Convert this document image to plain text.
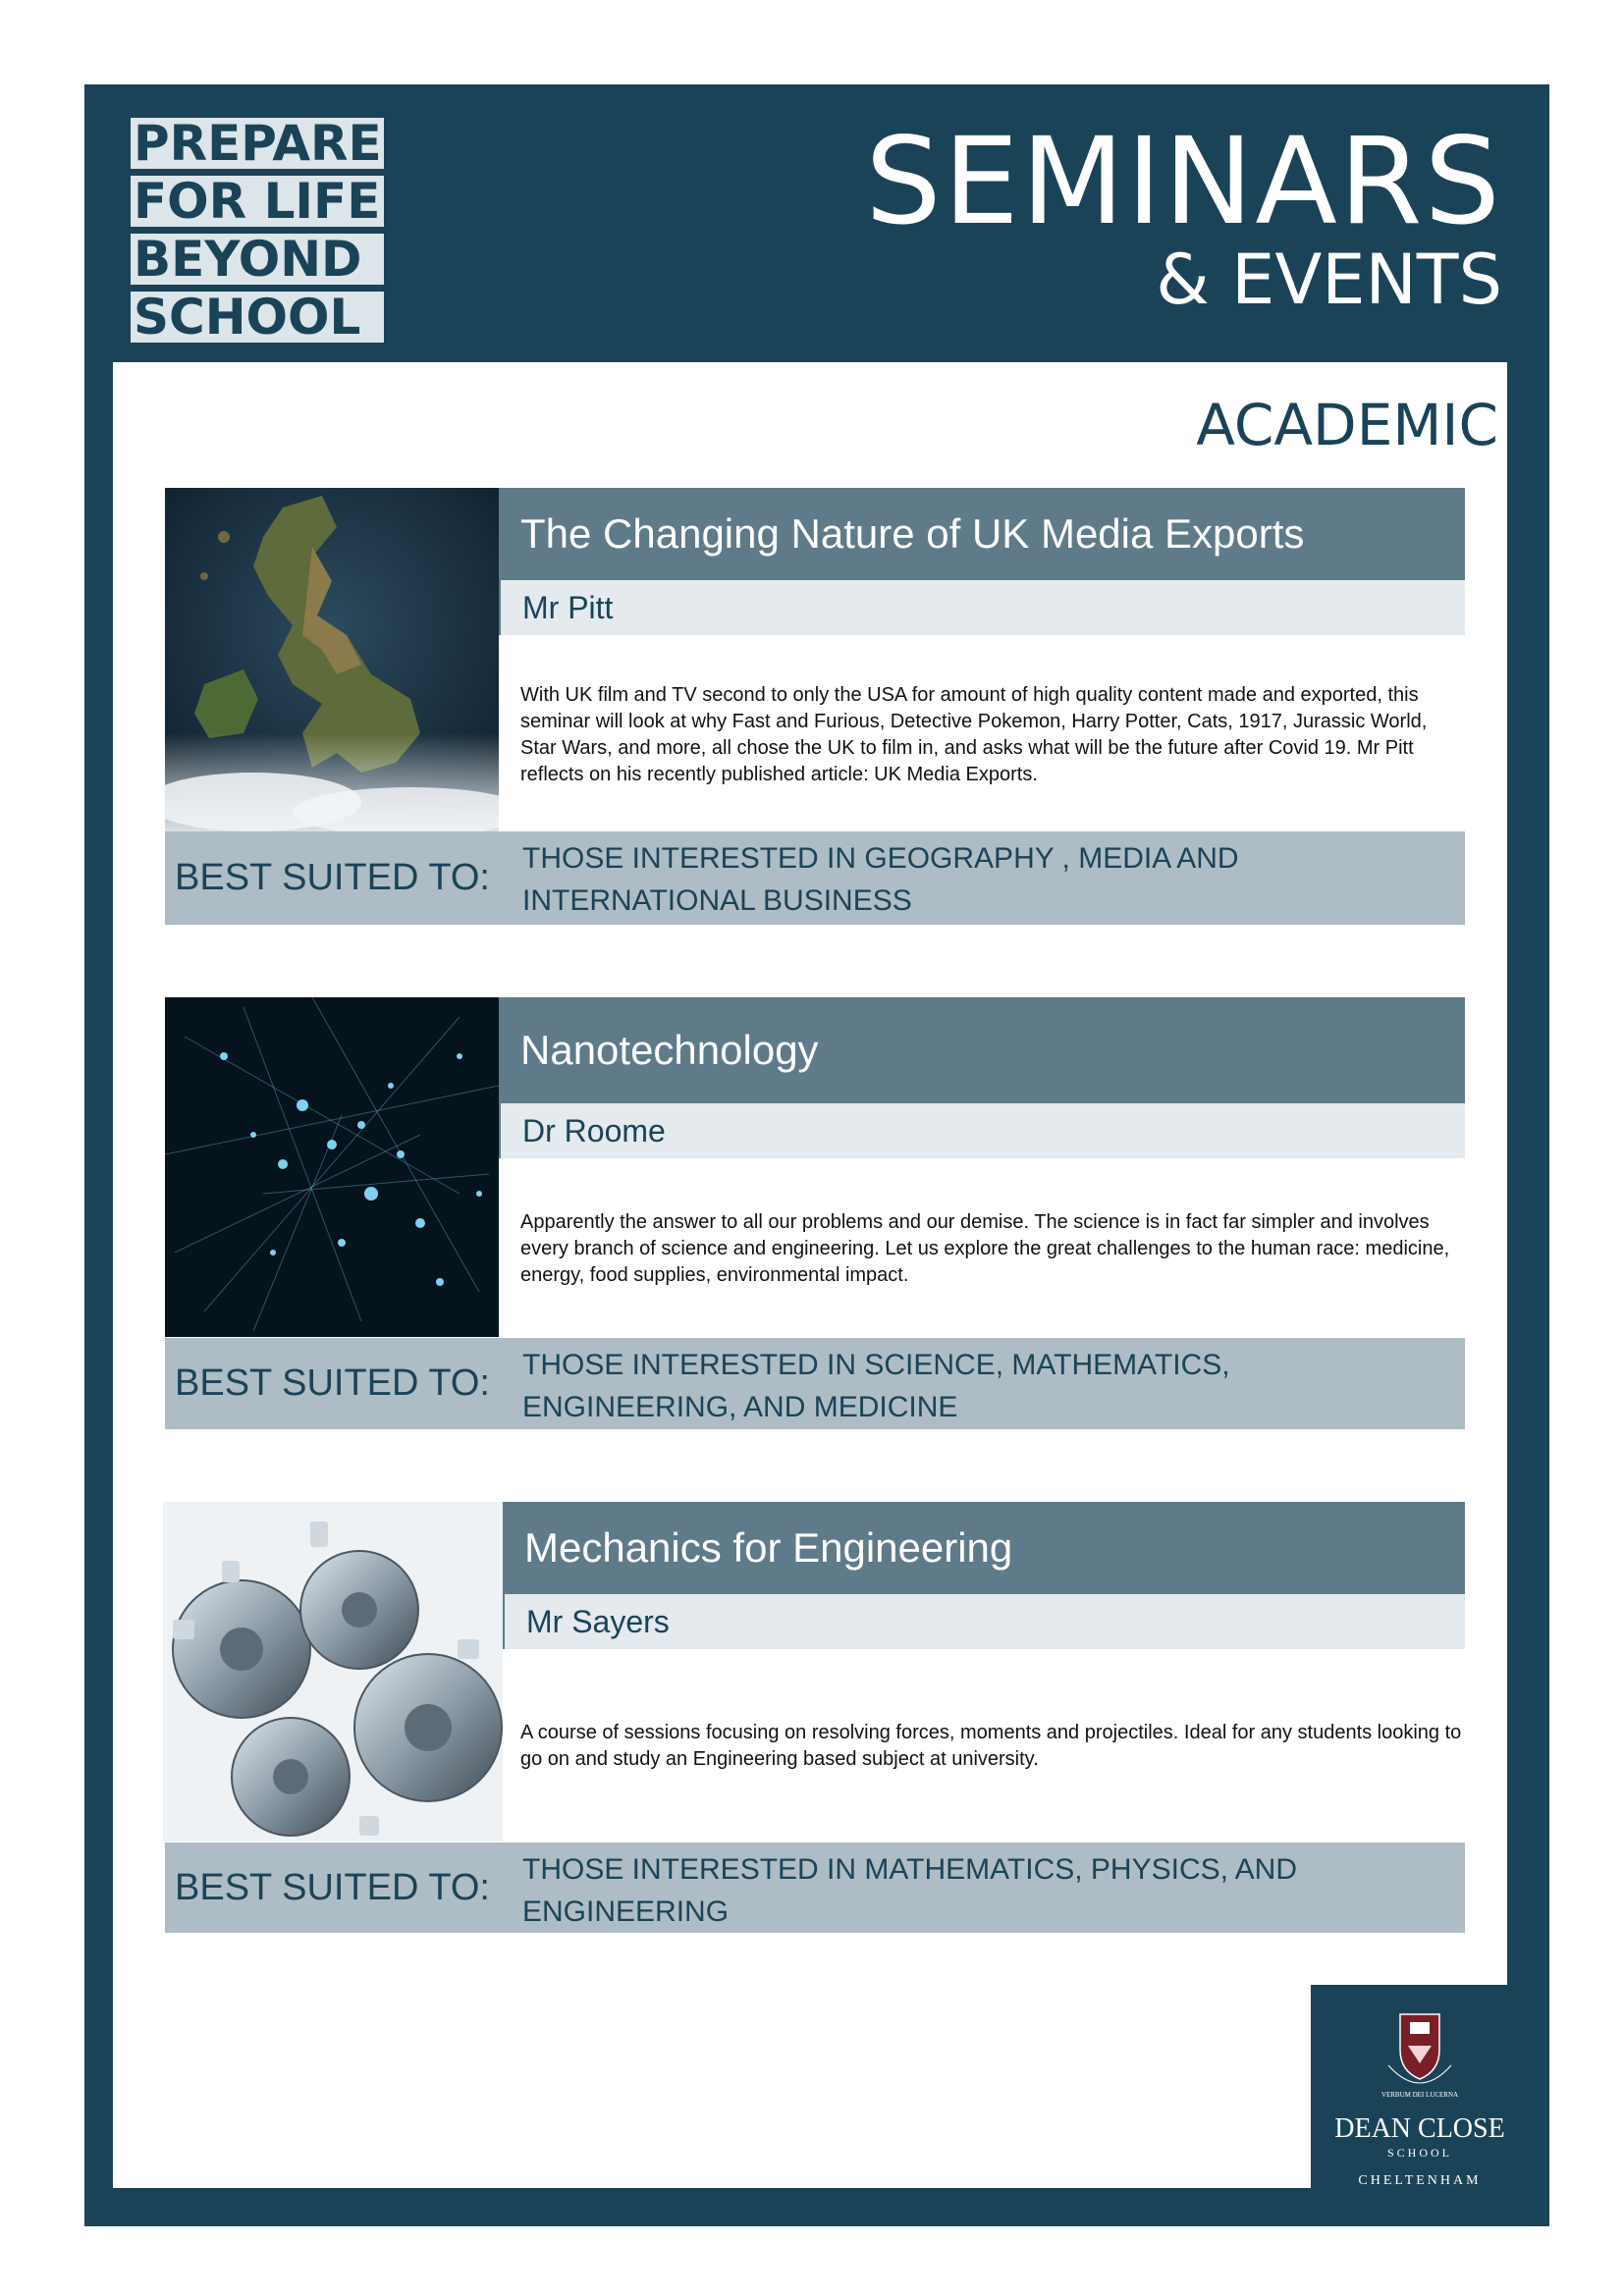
PREPARE
FOR LIFE
BEYOND
SCHOOL
SEMINARS
& EVENTS
ACADEMIC
The Changing Nature of UK Media Exports
Mr Pitt
With UK film and TV second to only the USA for amount of high quality content made and exported, this seminar will look at why Fast and Furious, Detective Pokemon, Harry Potter, Cats, 1917, Jurassic World, Star Wars, and more, all chose the UK to film in, and asks what will be the future after Covid 19. Mr Pitt reflects on his recently published article: UK Media Exports.
BEST SUITED TO: THOSE INTERESTED IN GEOGRAPHY , MEDIA AND INTERNATIONAL BUSINESS
Nanotechnology
Dr Roome
Apparently the answer to all our problems and our demise. The science is in fact far simpler and involves every branch of science and engineering. Let us explore the great challenges to the human race: medicine, energy, food supplies, environmental impact.
BEST SUITED TO: THOSE INTERESTED IN SCIENCE, MATHEMATICS, ENGINEERING, AND MEDICINE
Mechanics for Engineering
Mr Sayers
A course of sessions focusing on resolving forces, moments and projectiles. Ideal for any students looking to go on and study an Engineering based subject at university.
BEST SUITED TO: THOSE INTERESTED IN MATHEMATICS, PHYSICS, AND ENGINEERING
VERBUM DEI LUCERNA
DEAN CLOSE
SCHOOL
CHELTENHAM
